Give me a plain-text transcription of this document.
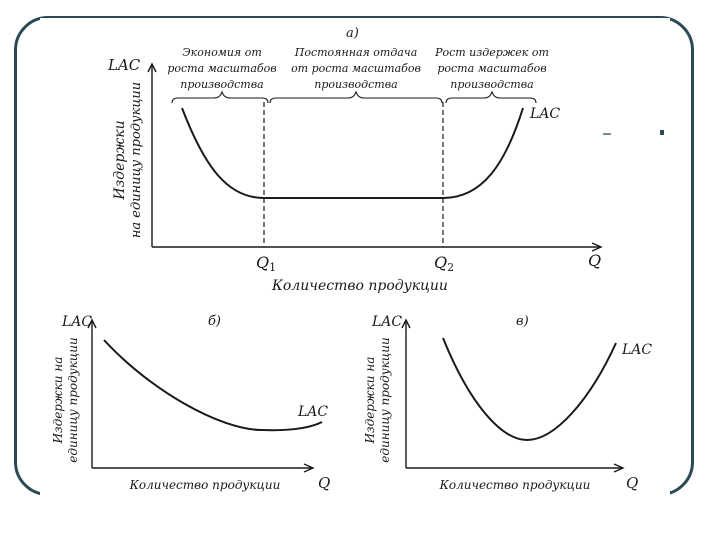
а)
LAC
Q
Издержки на единицу продукции	LAC
Q1	Q2
Количество продукции
Экономия от
роста масштабов
производства
Постоянная отдача
от роста масштабов
производства
Рост издержек от
роста масштабов
производства
б)
LAC
Q
Издержки на единицу продукции	LAC
Количество продукции
в)
LAC
Q
Издержки на единицу продукции	LAC
Количество продукции
